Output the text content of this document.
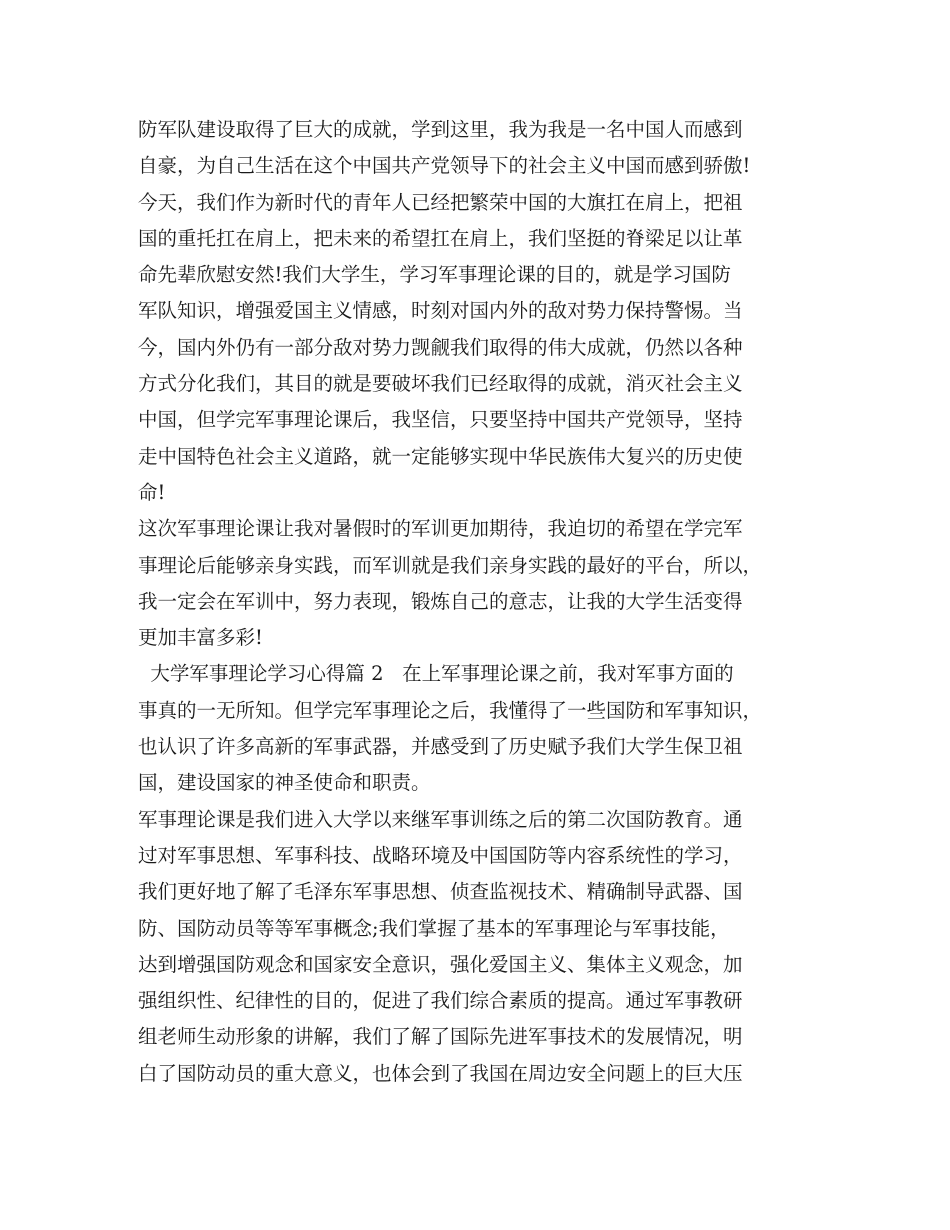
防军队建设取得了巨大的成就，学到这里，我为我是一名中国人而感到
自豪，为自己生活在这个中国共产党领导下的社会主义中国而感到骄傲!
今天，我们作为新时代的青年人已经把繁荣中国的大旗扛在肩上，把祖
国的重托扛在肩上，把未来的希望扛在肩上，我们坚挺的脊梁足以让革
命先辈欣慰安然!我们大学生，学习军事理论课的目的，就是学习国防
军队知识，增强爱国主义情感，时刻对国内外的敌对势力保持警惕。当
今，国内外仍有一部分敌对势力觊觎我们取得的伟大成就，仍然以各种
方式分化我们，其目的就是要破坏我们已经取得的成就，消灭社会主义
中国，但学完军事理论课后，我坚信，只要坚持中国共产党领导，坚持
走中国特色社会主义道路，就一定能够实现中华民族伟大复兴的历史使
命!
这次军事理论课让我对暑假时的军训更加期待，我迫切的希望在学完军
事理论后能够亲身实践，而军训就是我们亲身实践的最好的平台，所以，
我一定会在军训中，努力表现，锻炼自己的意志，让我的大学生活变得
更加丰富多彩!
大学军事理论学习心得篇 2   在上军事理论课之前，我对军事方面的
事真的一无所知。但学完军事理论之后，我懂得了一些国防和军事知识，
也认识了许多高新的军事武器，并感受到了历史赋予我们大学生保卫祖
国，建设国家的神圣使命和职责。
军事理论课是我们进入大学以来继军事训练之后的第二次国防教育。通
过对军事思想、军事科技、战略环境及中国国防等内容系统性的学习，
我们更好地了解了毛泽东军事思想、侦查监视技术、精确制导武器、国
防、国防动员等等军事概念;我们掌握了基本的军事理论与军事技能，
达到增强国防观念和国家安全意识，强化爱国主义、集体主义观念，加
强组织性、纪律性的目的，促进了我们综合素质的提高。通过军事教研
组老师生动形象的讲解，我们了解了国际先进军事技术的发展情况，明
白了国防动员的重大意义，也体会到了我国在周边安全问题上的巨大压
